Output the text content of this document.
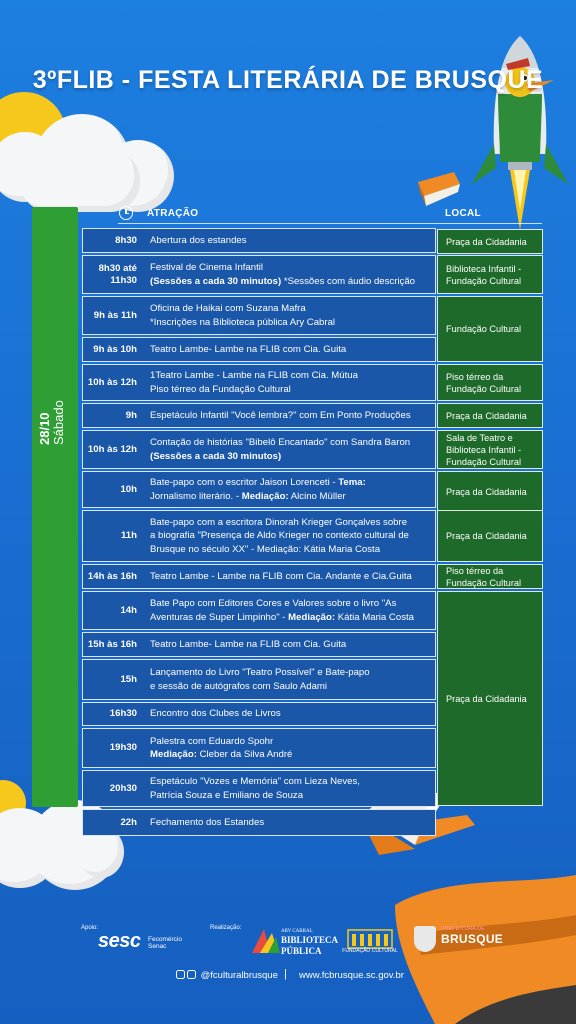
3ºFLIB - FESTA LITERÁRIA DE BRUSQUE
28/10
Sábado
ATRAÇÃO	LOCAL
8h30 Abertura dos estandes
8h30 até 11h30
Festival de Cinema Infantil
(Sessões a cada 30 minutos) *Sessões com áudio descrição
9h às 11h
Oficina de Haikai com Suzana Mafra
*Inscrições na Biblioteca pública Ary Cabral
9h às 10h Teatro Lambe- Lambe na FLIB com Cia. Guita
10h às 12h
1Teatro Lambe - Lambe na FLIB com Cia. Mútua
Piso térreo da Fundação Cultural
9h Espetáculo Infantil "Você lembra?" com Em Ponto Produções
10h às 12h
Contação de histórias "Bibelô Encantado" com Sandra Baron
(Sessões a cada 30 minutos)
10h
Bate-papo com o escritor Jaison Lorenceti - Tema:
Jornalismo literário. - Mediação: Alcino Müller
11h
Bate-papo com a escritora Dinorah Krieger Gonçalves sobre
a biografia "Presença de Aldo Krieger no contexto cultural de
Brusque no século XX" - Mediação: Kátia Maria Costa
14h às 16h Teatro Lambe - Lambe na FLIB com Cia. Andante e Cia.Guita
14h
Bate Papo com Editores Cores e Valores sobre o livro "As
Aventuras de Super Limpinho" - Mediação: Kátia Maria Costa
15h às 16h Teatro Lambe- Lambe na FLIB com Cia. Guita
15h
Lançamento do Livro "Teatro Possível" e Bate-papo
e sessão de autógrafos com Saulo Adami
16h30 Encontro dos Clubes de Livros
19h30
Palestra com Eduardo Spohr
Mediação: Cleber da Silva André
20h30
Espetáculo "Vozes e Memória" com Lieza Neves,
Patrícia Souza e Emiliano de Souza
22h Fechamento dos Estandes
Praça da Cidadania
Biblioteca Infantil - Fundação Cultural
Fundação Cultural
Piso térreo da Fundação Cultural
Praça da Cidadania
Sala de Teatro e Biblioteca Infantil - Fundação Cultural
Praça da Cidadania
Praça da Cidadania
Piso térreo da Fundação Cultural
Praça da Cidadania
Apoio:
sesc Fecomércio Senac
Realização:
ARY CABRAL
BIBLIOTECA
PÚBLICA	FUNDAÇÃO CULTURAL
PREFEITURA DE
BRUSQUE
@fculturalbrusque | www.fcbrusque.sc.gov.br
